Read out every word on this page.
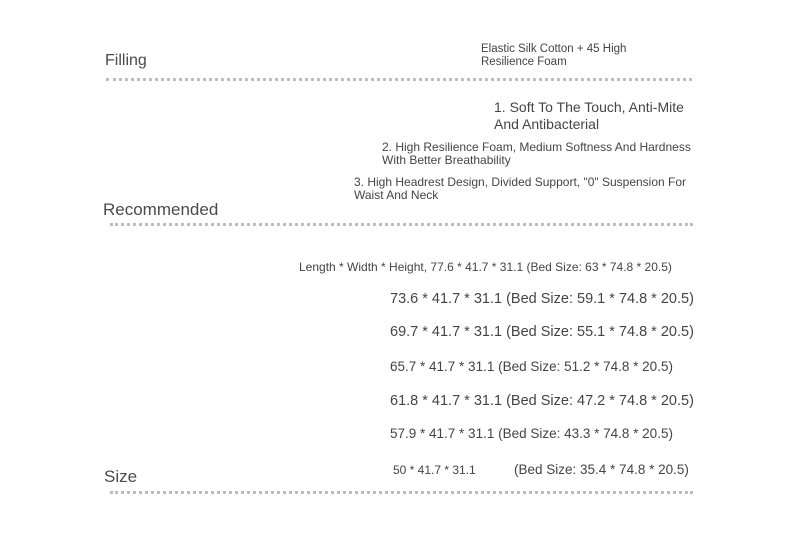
Filling
Elastic Silk Cotton + 45 High Resilience Foam
1. Soft To The Touch, Anti-Mite And Antibacterial
2. High Resilience Foam, Medium Softness And Hardness With Better Breathability
3. High Headrest Design, Divided Support, "0" Suspension For Waist And Neck
Recommended
Length * Width * Height, 77.6 * 41.7 * 31.1 (Bed Size: 63 * 74.8 * 20.5)
73.6 * 41.7 * 31.1 (Bed Size: 59.1 * 74.8 * 20.5)
69.7 * 41.7 * 31.1 (Bed Size: 55.1 * 74.8 * 20.5)
65.7 * 41.7 * 31.1 (Bed Size: 51.2 * 74.8 * 20.5)
61.8 * 41.7 * 31.1 (Bed Size: 47.2 * 74.8 * 20.5)
57.9 * 41.7 * 31.1 (Bed Size: 43.3 * 74.8 * 20.5)
50 * 41.7 * 31.1	(Bed Size: 35.4 * 74.8 * 20.5)
Size
